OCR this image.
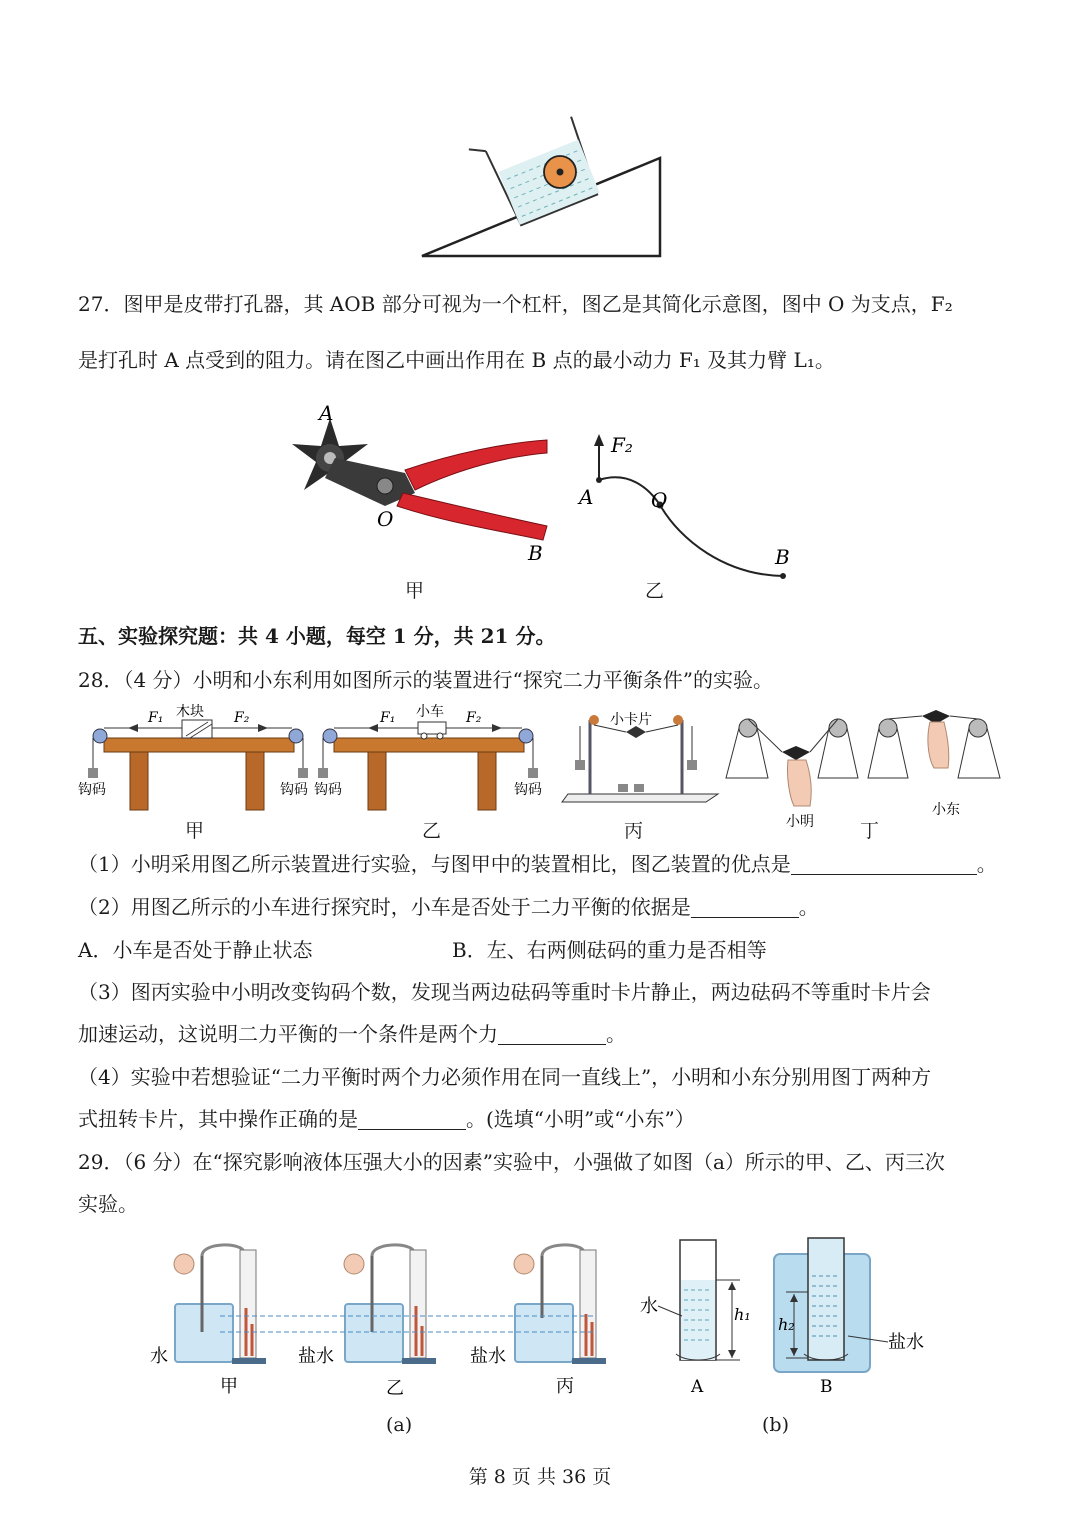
27．图甲是皮带打孔器，其 AOB 部分可视为一个杠杆，图乙是其简化示意图，图中 O 为支点，F₂
是打孔时 A 点受到的阻力。请在图乙中画出作用在 B 点的最小动力 F₁ 及其力臂 L₁。
A
O
B
甲
F₂
A	O
B
乙
五、实验探究题：共 4 小题，每空 1 分，共 21 分。
28．（4 分）小明和小东利用如图所示的装置进行“探究二力平衡条件”的实验。
木块
F₁	F₂
钩码	钩码
小车
F₁	F₂
钩码	钩码
小卡片
小明
小东
甲	乙	丙	丁
（1）小明采用图乙所示装置进行实验，与图甲中的装置相比，图乙装置的优点是	。
（2）用图乙所示的小车进行探究时，小车是否处于二力平衡的依据是	。
A．小车是否处于静止状态	B．左、右两侧砝码的重力是否相等
（3）图丙实验中小明改变钩码个数，发现当两边砝码等重时卡片静止，两边砝码不等重时卡片会
加速运动，这说明二力平衡的一个条件是两个力	。
（4）实验中若想验证“二力平衡时两个力必须作用在同一直线上”，小明和小东分别用图丁两种方
式扭转卡片，其中操作正确的是	。(选填“小明”或“小东”）
29．（6 分）在“探究影响液体压强大小的因素”实验中，小强做了如图（a）所示的甲、乙、丙三次
实验。
水	盐水	盐水
甲	乙	丙
水	h₁
h₂
盐水
A	B
(a)	(b)
第 8 页 共 36 页
